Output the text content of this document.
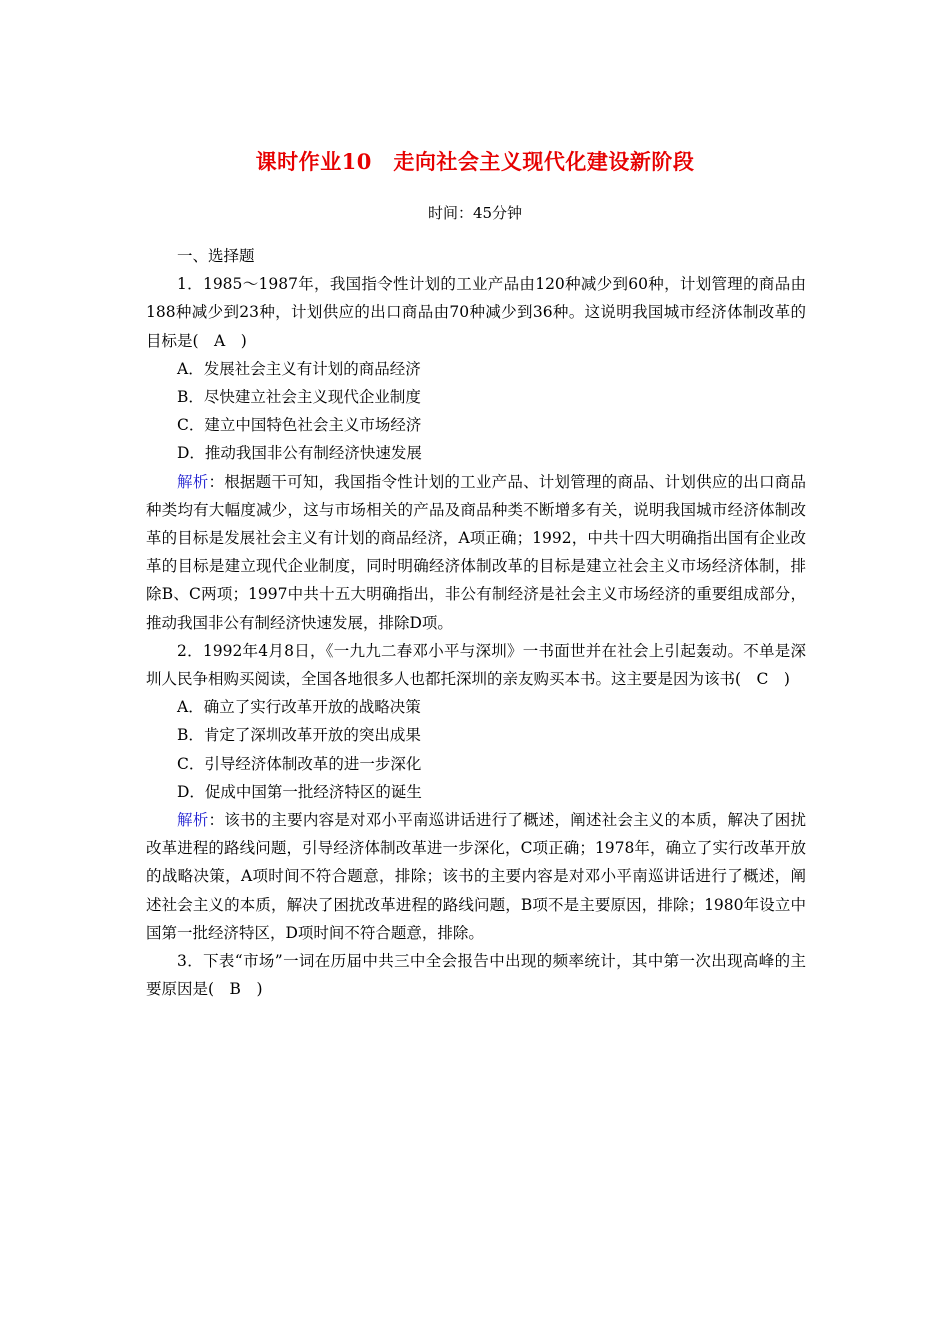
课时作业10　走向社会主义现代化建设新阶段
时间：45分钟

一、选择题

1．1985～1987年，我国指令性计划的工业产品由120种减少到60种，计划管理的商品由188种减少到23种，计划供应的出口商品由70种减少到36种。这说明我国城市经济体制改革的目标是(　A　)

A．发展社会主义有计划的商品经济

B．尽快建立社会主义现代企业制度

C．建立中国特色社会主义市场经济

D．推动我国非公有制经济快速发展

解析：根据题干可知，我国指令性计划的工业产品、计划管理的商品、计划供应的出口商品种类均有大幅度减少，这与市场相关的产品及商品种类不断增多有关，说明我国城市经济体制改革的目标是发展社会主义有计划的商品经济，A项正确；1992，中共十四大明确指出国有企业改革的目标是建立现代企业制度，同时明确经济体制改革的目标是建立社会主义市场经济体制，排除B、C两项；1997中共十五大明确指出，非公有制经济是社会主义市场经济的重要组成部分，推动我国非公有制经济快速发展，排除D项。

2．1992年4月8日，《一九九二春邓小平与深圳》一书面世并在社会上引起轰动。不单是深圳人民争相购买阅读，全国各地很多人也都托深圳的亲友购买本书。这主要是因为该书(　C　)

A．确立了实行改革开放的战略决策

B．肯定了深圳改革开放的突出成果

C．引导经济体制改革的进一步深化

D．促成中国第一批经济特区的诞生

解析：该书的主要内容是对邓小平南巡讲话进行了概述，阐述社会主义的本质，解决了困扰改革进程的路线问题，引导经济体制改革进一步深化，C项正确；1978年，确立了实行改革开放的战略决策，A项时间不符合题意，排除；该书的主要内容是对邓小平南巡讲话进行了概述，阐述社会主义的本质，解决了困扰改革进程的路线问题，B项不是主要原因，排除；1980年设立中国第一批经济特区，D项时间不符合题意，排除。

3．下表“市场”一词在历届中共三中全会报告中出现的频率统计，其中第一次出现高峰的主要原因是(　B　)
